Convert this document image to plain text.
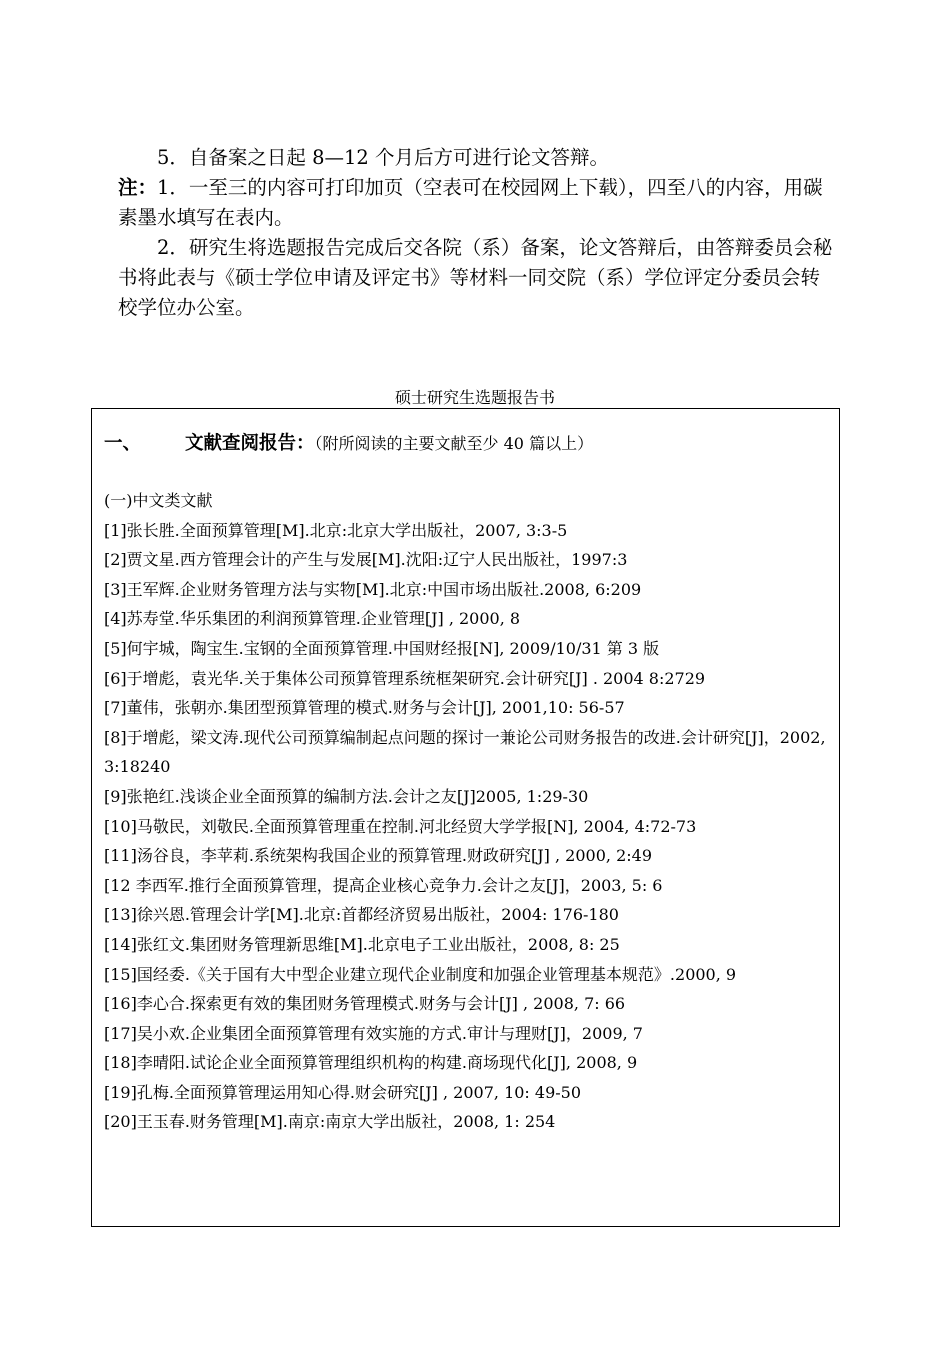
5．自备案之日起 8—12 个月后方可进行论文答辩。

注：1．一至三的内容可打印加页（空表可在校园网上下载），四至八的内容，用碳素墨水填写在表内。

2．研究生将选题报告完成后交各院（系）备案，论文答辩后，由答辩委员会秘书将此表与《硕士学位申请及评定书》等材料一同交院（系）学位评定分委员会转校学位办公室。

硕士研究生选题报告书
一、 文献查阅报告：（附所阅读的主要文献至少 40 篇以上）
(一)中文类文献
[1]张长胜.全面预算管理[M].北京:北京大学出版社，2007, 3:3-5
[2]贾文星.西方管理会计的产生与发展[M].沈阳:辽宁人民出版社，1997:3
[3]王军辉.企业财务管理方法与实物[M].北京:中国市场出版社.2008, 6:209
[4]苏寿堂.华乐集团的利润预算管理.企业管理[J] , 2000, 8
[5]何宇城，陶宝生.宝钢的全面预算管理.中国财经报[N], 2009/10/31 第 3 版
[6]于增彪，袁光华.关于集体公司预算管理系统框架研究.会计研究[J] . 2004 8:2729
[7]董伟，张朝亦.集团型预算管理的模式.财务与会计[J], 2001,10: 56-57
[8]于增彪，梁文涛.现代公司预算编制起点问题的探讨一兼论公司财务报告的改进.会计研究[J]，2002, 3:18240
[9]张艳红.浅谈企业全面预算的编制方法.会计之友[J]2005, 1:29-30
[10]马敬民，刘敬民.全面预算管理重在控制.河北经贸大学学报[N], 2004, 4:72-73
[11]汤谷良，李苹莉.系统架构我国企业的预算管理.财政研究[J] , 2000, 2:49
[12 李西军.推行全面预算管理，提高企业核心竞争力.会计之友[J]，2003, 5: 6
[13]徐兴恩.管理会计学[M].北京:首都经济贸易出版社，2004: 176-180
[14]张红文.集团财务管理新思维[M].北京电子工业出版社，2008, 8: 25
[15]国经委.《关于国有大中型企业建立现代企业制度和加强企业管理基本规范》.2000, 9
[16]李心合.探索更有效的集团财务管理模式.财务与会计[J] , 2008, 7: 66
[17]吴小欢.企业集团全面预算管理有效实施的方式.审计与理财[J]，2009, 7
[18]李晴阳.试论企业全面预算管理组织机构的构建.商场现代化[J], 2008, 9
[19]孔梅.全面预算管理运用知心得.财会研究[J] , 2007, 10: 49-50
[20]王玉春.财务管理[M].南京:南京大学出版社，2008, 1: 254
